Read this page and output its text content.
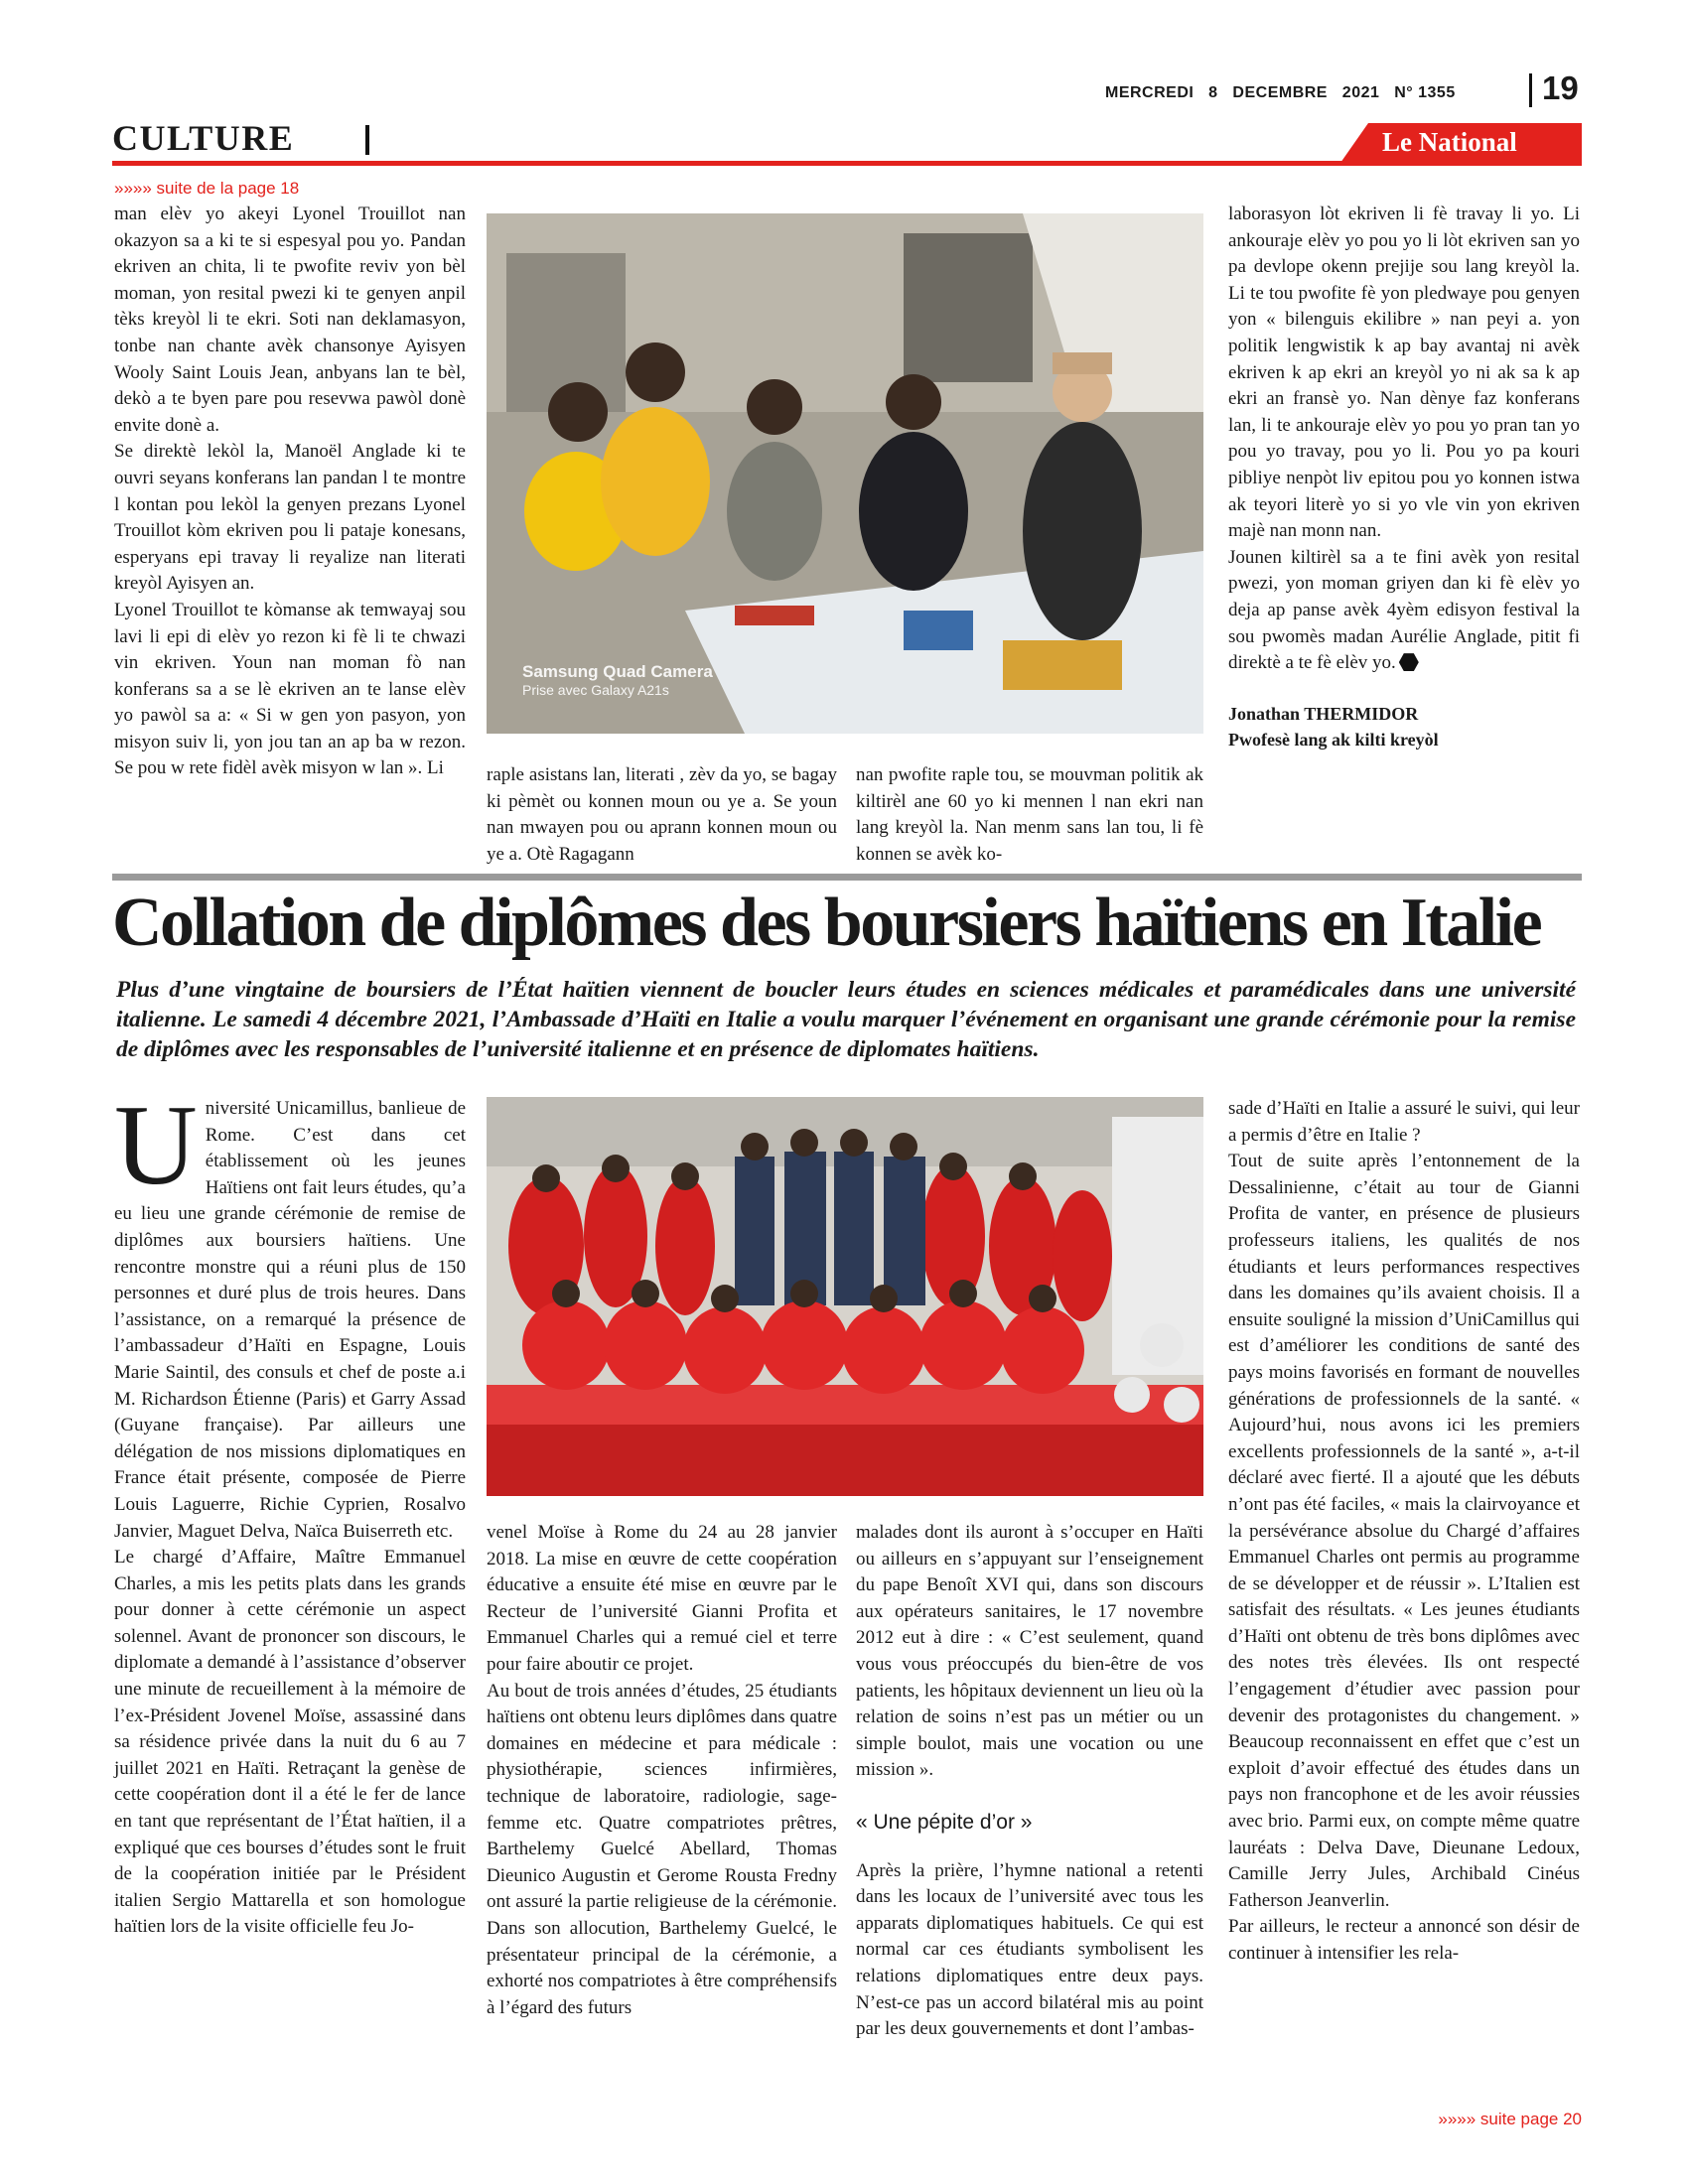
MERCREDI   8   DECEMBRE   2021   N° 1355	19
CULTURE	Le National
»»»» suite de la page 18

man elèv yo akeyi Lyonel Trouillot nan okazyon sa a ki te si espesyal pou yo. Pandan ekriven an chita, li te pwofite reviv yon bèl moman, yon resital pwezi ki te genyen anpil tèks kreyòl li te ekri. Soti nan deklamasyon, tonbe nan chante avèk chansonye Ayisyen Wooly Saint Louis Jean, anbyans lan te bèl, dekò a te byen pare pou resevwa pawòl donè envite donè a.

Se direktè lekòl la, Manoël Anglade ki te ouvri seyans konferans lan pandan l te montre l kontan pou lekòl la genyen prezans Lyonel Trouillot kòm ekriven pou li pataje konesans, esperyans epi travay li reyalize nan literati kreyòl Ayisyen an.

Lyonel Trouillot te kòmanse ak temwayaj sou lavi li epi di elèv yo rezon ki fè li te chwazi vin ekriven. Youn nan moman fò nan konferans sa a se lè ekriven an te lanse elèv yo pawòl sa a: « Si w gen yon pasyon, yon misyon suiv li, yon jou tan an ap ba w rezon. Se pou w rete fidèl avèk misyon w lan ». Li

Samsung Quad Camera
Prise avec Galaxy A21s

raple asistans lan, literati , zèv da yo, se bagay ki pèmèt ou konnen moun ou ye a. Se youn nan mwayen pou ou aprann konnen moun ou ye a. Otè Ragagann

nan pwofite raple tou, se mouvman politik ak kiltirèl ane 60 yo ki mennen l nan ekri nan lang kreyòl la. Nan menm sans lan tou, li fè konnen se avèk ko-

laborasyon lòt ekriven li fè travay li yo. Li ankouraje elèv yo pou yo li lòt ekriven san yo pa devlope okenn prejije sou lang kreyòl la. Li te tou pwofite fè yon pledwaye pou genyen yon « bilenguis ekilibre » nan peyi a. yon politik lengwistik k ap bay avantaj ni avèk ekriven k ap ekri an kreyòl yo ni ak sa k ap ekri an fransè yo. Nan dènye faz konferans lan, li te ankouraje elèv yo pou yo pran tan yo pou yo travay, pou yo li. Pou yo pa kouri pibliye nenpòt liv epitou pou yo konnen istwa ak teyori literè yo si yo vle vin yon ekriven majè nan monn nan.

Jounen kiltirèl sa a te fini avèk yon resital pwezi, yon moman griyen dan ki fè elèv yo deja ap panse avèk 4yèm edisyon festival la sou pwomès madan Aurélie Anglade, pitit fi direktè a te fè elèv yo.

Jonathan THERMIDOR
Pwofesè lang ak kilti kreyòl
Collation de diplômes des boursiers haïtiens en Italie
Plus d’une vingtaine de boursiers de l’État haïtien viennent de boucler leurs études en sciences médicales et paramédicales dans une université italienne. Le samedi 4 décembre 2021, l’Ambassade d’Haïti en Italie a voulu marquer l’événement en organisant une grande cérémonie pour la remise de diplômes avec les responsables de l’université italienne et en présence de diplomates haïtiens.

Université Unicamillus, banlieue de Rome. C’est dans cet établissement où les jeunes Haïtiens ont fait leurs études, qu’a eu lieu une grande cérémonie de remise de diplômes aux boursiers haïtiens. Une rencontre monstre qui a réuni plus de 150 personnes et duré plus de trois heures. Dans l’assistance, on a remarqué la présence de l’ambassadeur d’Haïti en Espagne, Louis Marie Saintil, des consuls et chef de poste a.i M. Richardson Étienne (Paris) et Garry Assad (Guyane française). Par ailleurs une délégation de nos missions diplomatiques en France était présente, composée de Pierre Louis Laguerre, Richie Cyprien, Rosalvo Janvier, Maguet Delva, Naïca Buiserreth etc.

Le chargé d’Affaire, Maître Emmanuel Charles, a mis les petits plats dans les grands pour donner à cette cérémonie un aspect solennel. Avant de prononcer son discours, le diplomate a demandé à l’assistance d’observer une minute de recueillement à la mémoire de l’ex-Président Jovenel Moïse, assassiné dans sa résidence privée dans la nuit du 6 au 7 juillet 2021 en Haïti. Retraçant la genèse de cette coopération dont il a été le fer de lance en tant que représentant de l’État haïtien, il a expliqué que ces bourses d’études sont le fruit de la coopération initiée par le Président italien Sergio Mattarella et son homologue haïtien lors de la visite officielle feu Jo-

venel Moïse à Rome du 24 au 28 janvier 2018. La mise en œuvre de cette coopération éducative a ensuite été mise en œuvre par le Recteur de l’université Gianni Profita et Emmanuel Charles qui a remué ciel et terre pour faire aboutir ce projet.

Au bout de trois années d’études, 25 étudiants haïtiens ont obtenu leurs diplômes dans quatre domaines en médecine et para médicale : physiothérapie, sciences infirmières, technique de laboratoire, radiologie, sage-femme etc. Quatre compatriotes prêtres, Barthelemy Guelcé Abellard, Thomas Dieunico Augustin et Gerome Rousta Fredny ont assuré la partie religieuse de la cérémonie. Dans son allocution, Barthelemy Guelcé, le présentateur principal de la cérémonie, a exhorté nos compatriotes à être compréhensifs à l’égard des futurs

malades dont ils auront à s’occuper en Haïti ou ailleurs en s’appuyant sur l’enseignement du pape Benoît XVI qui, dans son discours aux opérateurs sanitaires, le 17 novembre 2012 eut à dire : « C’est seulement, quand vous vous préoccupés du bien-être de vos patients, les hôpitaux deviennent un lieu où la relation de soins n’est pas un métier ou un simple boulot, mais une vocation ou une mission ».

« Une pépite d’or »

Après la prière, l’hymne national a retenti dans les locaux de l’université avec tous les apparats diplomatiques habituels. Ce qui est normal car ces étudiants symbolisent les relations diplomatiques entre deux pays. N’est-ce pas un accord bilatéral mis au point par les deux gouvernements et dont l’ambas-

sade d’Haïti en Italie a assuré le suivi, qui leur a permis d’être en Italie ?

Tout de suite après l’entonnement de la Dessalinienne, c’était au tour de Gianni Profita de vanter, en présence de plusieurs professeurs italiens, les qualités de nos étudiants et leurs performances respectives dans les domaines qu’ils avaient choisis. Il a ensuite souligné la mission d’UniCamillus qui est d’améliorer les conditions de santé des pays moins favorisés en formant de nouvelles générations de professionnels de la santé. « Aujourd’hui, nous avons ici les premiers excellents professionnels de la santé », a-t-il déclaré avec fierté. Il a ajouté que les débuts n’ont pas été faciles, « mais la clairvoyance et la persévérance absolue du Chargé d’affaires Emmanuel Charles ont permis au programme de se développer et de réussir ». L’Italien est satisfait des résultats. « Les jeunes étudiants d’Haïti ont obtenu de très bons diplômes avec des notes très élevées. Ils ont respecté l’engagement d’étudier avec passion pour devenir des protagonistes du changement. » Beaucoup reconnaissent en effet que c’est un exploit d’avoir effectué des études dans un pays non francophone et de les avoir réussies avec brio. Parmi eux, on compte même quatre lauréats : Delva Dave, Dieunane Ledoux, Camille Jerry Jules, Archibald Cinéus Fatherson Jeanverlin.

Par ailleurs, le recteur a annoncé son désir de continuer à intensifier les rela-

»»»» suite page 20
